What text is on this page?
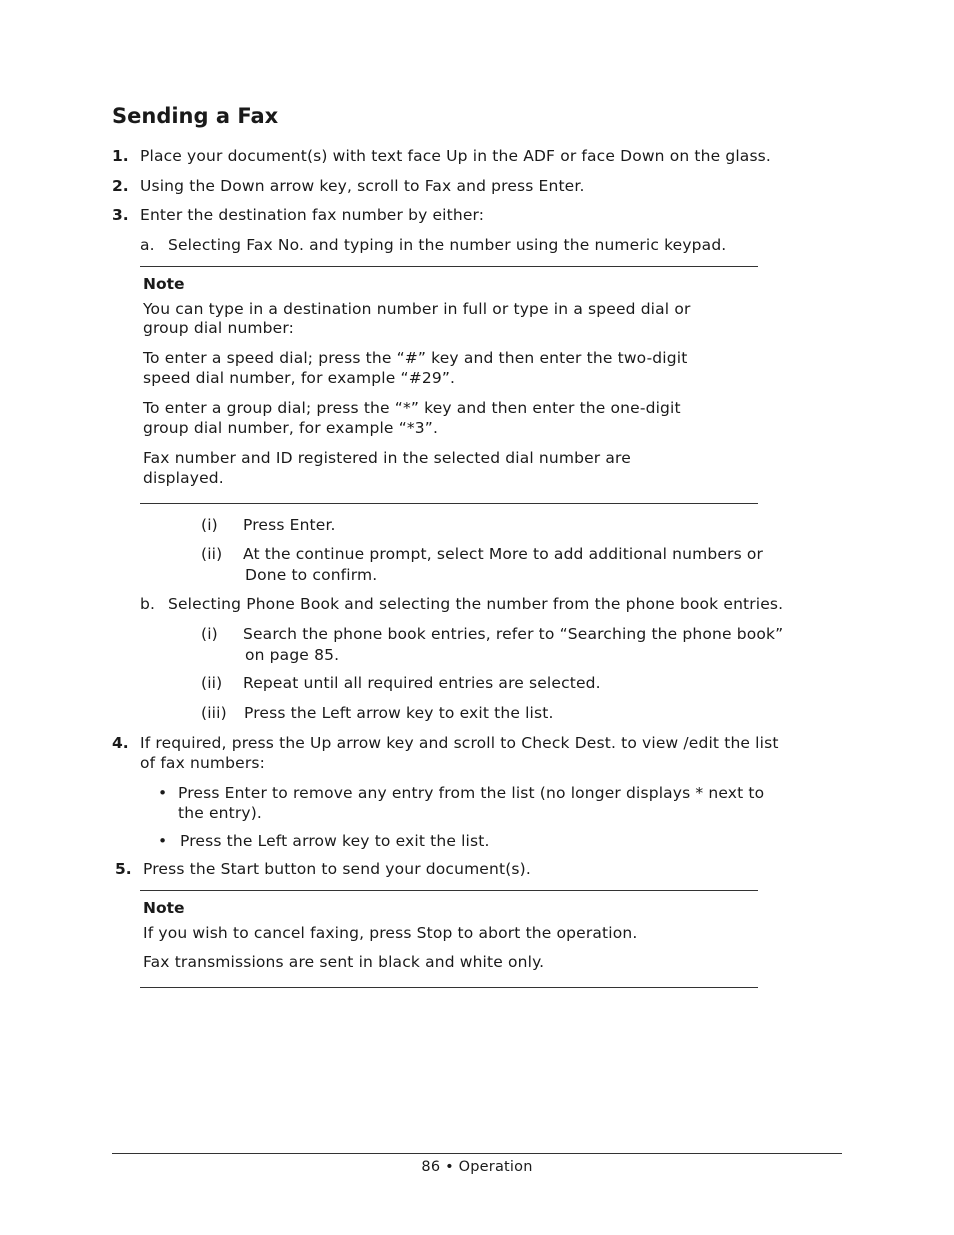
Sending a Fax
1. Place your document(s) with text face Up in the ADF or face Down on the glass.
2. Using the Down arrow key, scroll to Fax and press Enter.
3. Enter the destination fax number by either:
a. Selecting Fax No. and typing in the number using the numeric keypad.
Note
You can type in a destination number in full or type in a speed dial or
group dial number:
To enter a speed dial; press the “#” key and then enter the two-digit
speed dial number, for example “#29”.
To enter a group dial; press the “*” key and then enter the one-digit
group dial number, for example “*3”.
Fax number and ID registered in the selected dial number are
displayed.
(i) Press Enter.
(ii) At the continue prompt, select More to add additional numbers or
Done to confirm.
b. Selecting Phone Book and selecting the number from the phone book entries.
(i) Search the phone book entries, refer to “Searching the phone book”
on page 85.
(ii) Repeat until all required entries are selected.
(iii) Press the Left arrow key to exit the list.
4. If required, press the Up arrow key and scroll to Check Dest. to view /edit the list
of fax numbers:
• Press Enter to remove any entry from the list (no longer displays * next to
the entry).
• Press the Left arrow key to exit the list.
5. Press the Start button to send your document(s).
Note
If you wish to cancel faxing, press Stop to abort the operation.
Fax transmissions are sent in black and white only.
86 • Operation
